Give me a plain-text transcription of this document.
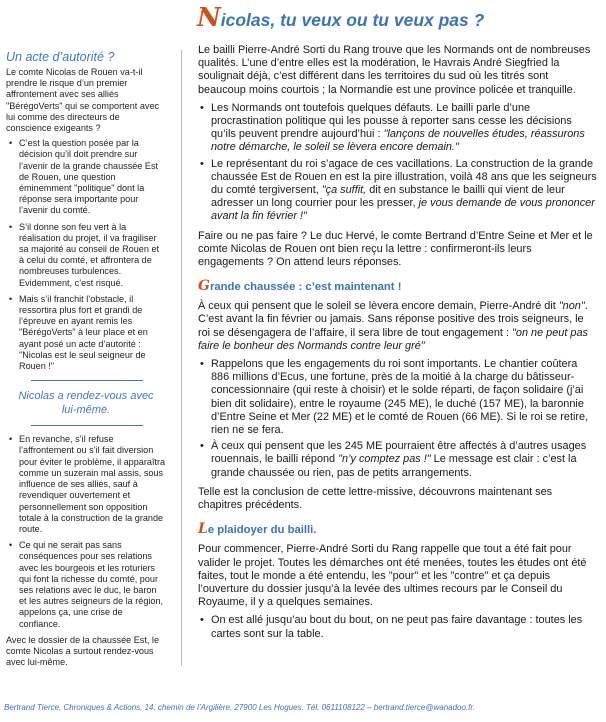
Nicolas, tu veux ou tu veux pas ?
Un acte d’autorité ?

Le comte Nicolas de Rouen va-t-il prendre le risque d’un premier affrontement avec ses alliés "BérégoVerts" qui se comportent avec lui comme des directeurs de conscience exigeants ?

• C’est la question posée par la décision qu’il doit prendre sur l’avenir de la grande chaussée Est de Rouen, une question éminemment "politique" dont la réponse sera importante pour l’avenir du comté.
• S’il donne son feu vert à la réalisation du projet, il va fragiliser sa majorité au conseil de Rouen et à celui du comté, et affrontera de nombreuses turbulences. Evidemment, c’est risqué.
• Mais s’il franchit l’obstacle, il ressortira plus fort et grandi de l’épreuve en ayant remis les "BérégoVerts" à leur place et en ayant posé un acte d’autorité : "Nicolas est le seul seigneur de Rouen !"
Nicolas a rendez-vous avec lui-même.
• En revanche, s’il refuse l’affrontement ou s’il fait diversion pour éviter le problème, il apparaîtra comme un suzerain mal assis, sous influence de ses alliés, sauf à revendiquer ouvertement et personnellement son opposition totale à la construction de la grande route.
• Ce qui ne serait pas sans conséquences pour ses relations avec les bourgeois et les roturiers qui font la richesse du comté, pour ses relations avec le duc, le baron et les autres seigneurs de la région, appelons ça, une crise de confiance.

Avec le dossier de la chaussée Est, le comte Nicolas a surtout rendez-vous avec lui-même.

Le bailli Pierre-André Sorti du Rang trouve que les Normands ont de nombreuses qualités. L’une d’entre elles est la modération, le Havrais André Siegfried la soulignait déjà, c’est différent dans les territoires du sud où les titrés sont beaucoup moins courtois ; la Normandie est une province policée et tranquille.

• Les Normands ont toutefois quelques défauts. Le bailli parle d’une procrastination politique qui les pousse à reporter sans cesse les décisions qu’ils peuvent prendre aujourd’hui : "lançons de nouvelles études, réassurons notre démarche, le soleil se lèvera encore demain."
• Le représentant du roi s’agace de ces vacillations. La construction de la grande chaussée Est de Rouen en est la pire illustration, voilà 48 ans que les seigneurs du comté tergiversent, "ça suffit, dit en substance le bailli qui vient de leur adresser un long courrier pour les presser, je vous demande de vous prononcer avant la fin février !"

Faire ou ne pas faire ? Le duc Hervé, le comte Bertrand d’Entre Seine et Mer et le comte Nicolas de Rouen ont bien reçu la lettre : confirmeront-ils leurs engagements ? On attend leurs réponses.

Grande chaussée : c’est maintenant !

À ceux qui pensent que le soleil se lèvera encore demain, Pierre-André dit "non". C’est avant la fin février ou jamais. Sans réponse positive des trois seigneurs, le roi se désengagera de l’affaire, il sera libre de tout engagement : "on ne peut pas faire le bonheur des Normands contre leur gré"

• Rappelons que les engagements du roi sont importants. Le chantier coûtera 886 millions d’Ecus, une fortune, près de la moitié à la charge du bâtisseur-concessionnaire (qui reste à choisir) et le solde réparti, de façon solidaire (j’ai bien dit solidaire), entre le royaume (245 ME), le duché (157 ME), la baronnie d’Entre Seine et Mer (22 ME) et le comté de Rouen (66 ME). Si le roi se retire, rien ne se fera.
• À ceux qui pensent que les 245 ME pourraient être affectés à d’autres usages rouennais, le bailli répond "n’y comptez pas !" Le message est clair : c’est la grande chaussée ou rien, pas de petits arrangements.

Telle est la conclusion de cette lettre-missive, découvrons maintenant ses chapitres précédents.

Le plaidoyer du bailli.

Pour commencer, Pierre-André Sorti du Rang rappelle que tout a été fait pour valider le projet. Toutes les démarches ont été menées, toutes les études ont été faites, tout le monde a été entendu, les "pour" et les "contre" et ça depuis l’ouverture du dossier jusqu’à la levée des ultimes recours par le Conseil du Royaume, il y a quelques semaines.

• On est allé jusqu’au bout du bout, on ne peut pas faire davantage : toutes les cartes sont sur la table.
Bertrand Tierce, Chroniques & Actions, 14, chemin de l’Argilière, 27900 Les Hogues. Tél. 0611108122 – bertrand.tierce@wanadoo.fr.
